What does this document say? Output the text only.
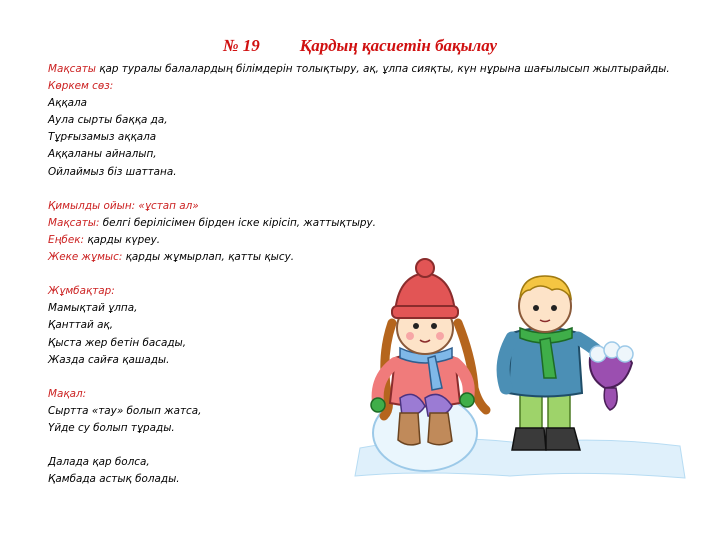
№ 19 Қардың қасиетін бақылау
Мақсаты қар туралы балалардың білімдерін толықтыру, ақ, ұлпа сияқты, күн нұрына шағылысып жылтырайды.
Көркем сөз:
Аққала
Аула сырты баққа да,
Тұрғызамыз аққала
Аққаланы айналып,
Ойлаймыз біз шаттана.
Қимылды ойын: «ұстап ал»
Мақсаты: белгі берілісімен бірден іске кірісіп, жаттықтыру.
Еңбек: қарды күреу.
Жеке жұмыс: қарды жұмырлап, қатты қысу.
Жұмбақтар:
Мамықтай ұлпа,
Қанттай ақ,
Қыста жер бетін басады,
Жазда сайға қашады.
Мақал:
Сыртта «тау» болып жатса,
Үйде су болып тұрады.
Далада қар болса,
Қамбада астық болады.
